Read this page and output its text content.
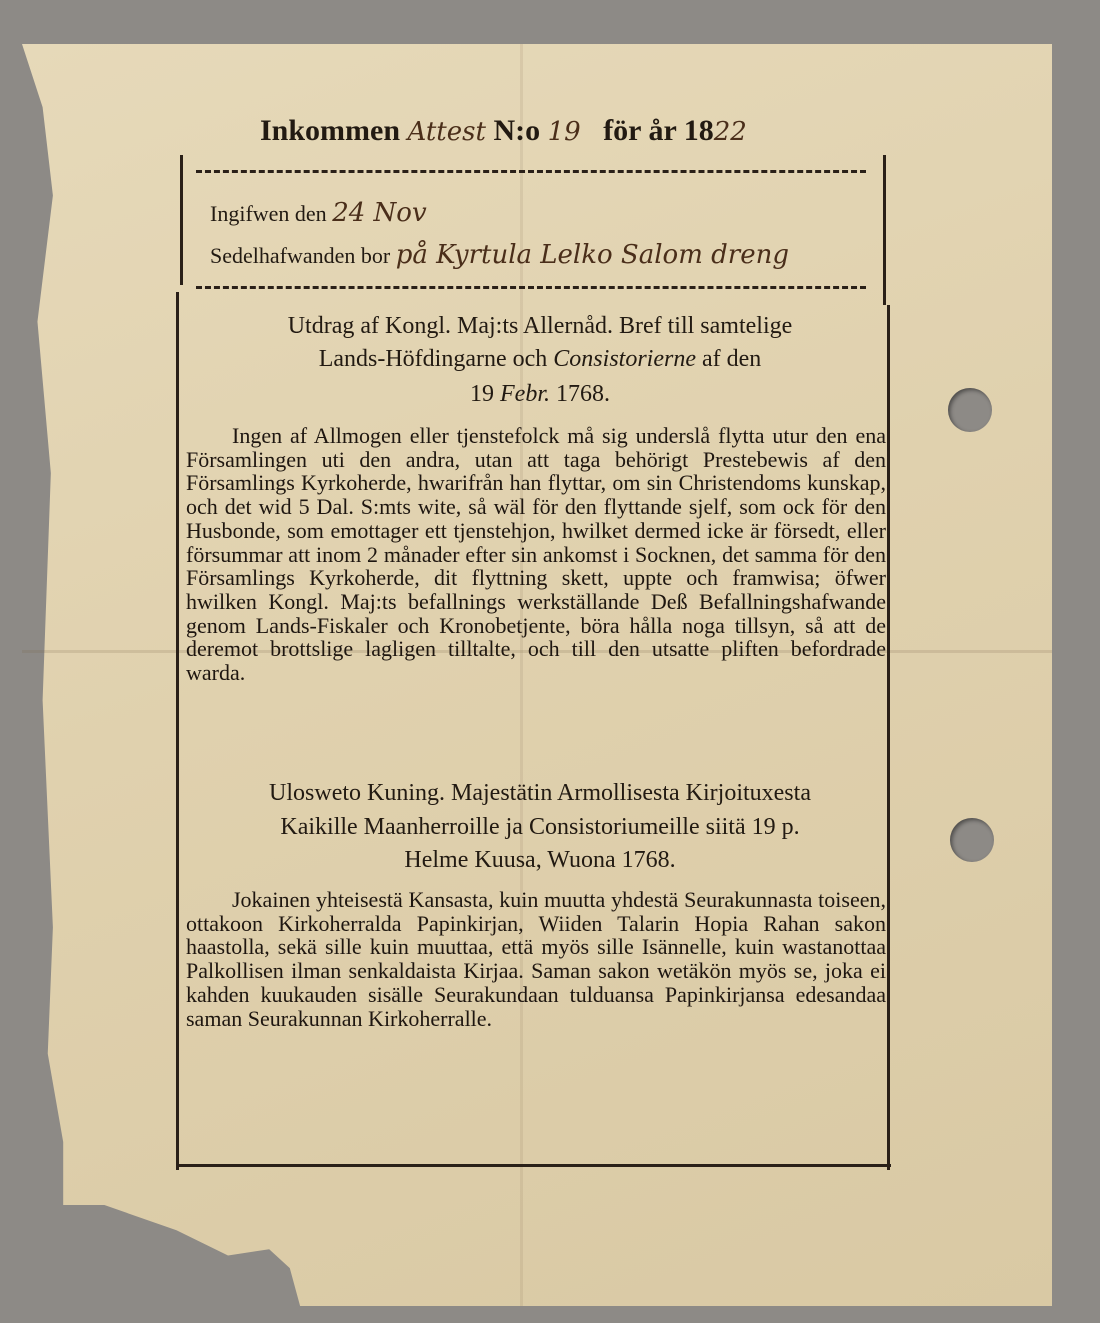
Inkommen Attest N:o 19 för år 1822
Ingifwen den 24 Nov
Sedelhafwanden bor på Kyrtula Lelko Salom dreng
Utdrag af Kongl. Maj:ts Allernåd. Bref till samtelige
Lands-Höfdingarne och Consistorierne af den
19 Febr. 1768.
Ingen af Allmogen eller tjenstefolck må sig underslå flytta utur den ena Församlingen uti den andra, utan att taga behörigt Prestebewis af den Församlings Kyrkoherde, hwarifrån han flyttar, om sin Christendoms kunskap, och det wid 5 Dal. S:mts wite, så wäl för den flyttande sjelf, som ock för den Husbonde, som emottager ett tjenstehjon, hwilket dermed icke är försedt, eller försummar att inom 2 månader efter sin ankomst i Socknen, det samma för den Församlings Kyrkoherde, dit flyttning skett, uppte och framwisa; öfwer hwilken Kongl. Maj:ts befallnings werkställande Deß Befallningshafwande genom Lands-Fiskaler och Kronobetjente, böra hålla noga tillsyn, så att de deremot brottslige lagligen tilltalte, och till den utsatte pliften befordrade warda.
Ulosweto Kuning. Majestätin Armollisesta Kirjoituxesta
Kaikille Maanherroille ja Consistoriumeille siitä 19 p.
Helme Kuusa, Wuona 1768.
Jokainen yhteisestä Kansasta, kuin muutta yhdestä Seurakunnasta toiseen, ottakoon Kirkoherralda Papinkirjan, Wiiden Talarin Hopia Rahan sakon haastolla, sekä sille kuin muuttaa, että myös sille Isännelle, kuin wastanottaa Palkollisen ilman senkaldaista Kirjaa. Saman sakon wetäkön myös se, joka ei kahden kuukauden sisälle Seurakundaan tulduansa Papinkirjansa edesandaa saman Seurakunnan Kirkoherralle.
